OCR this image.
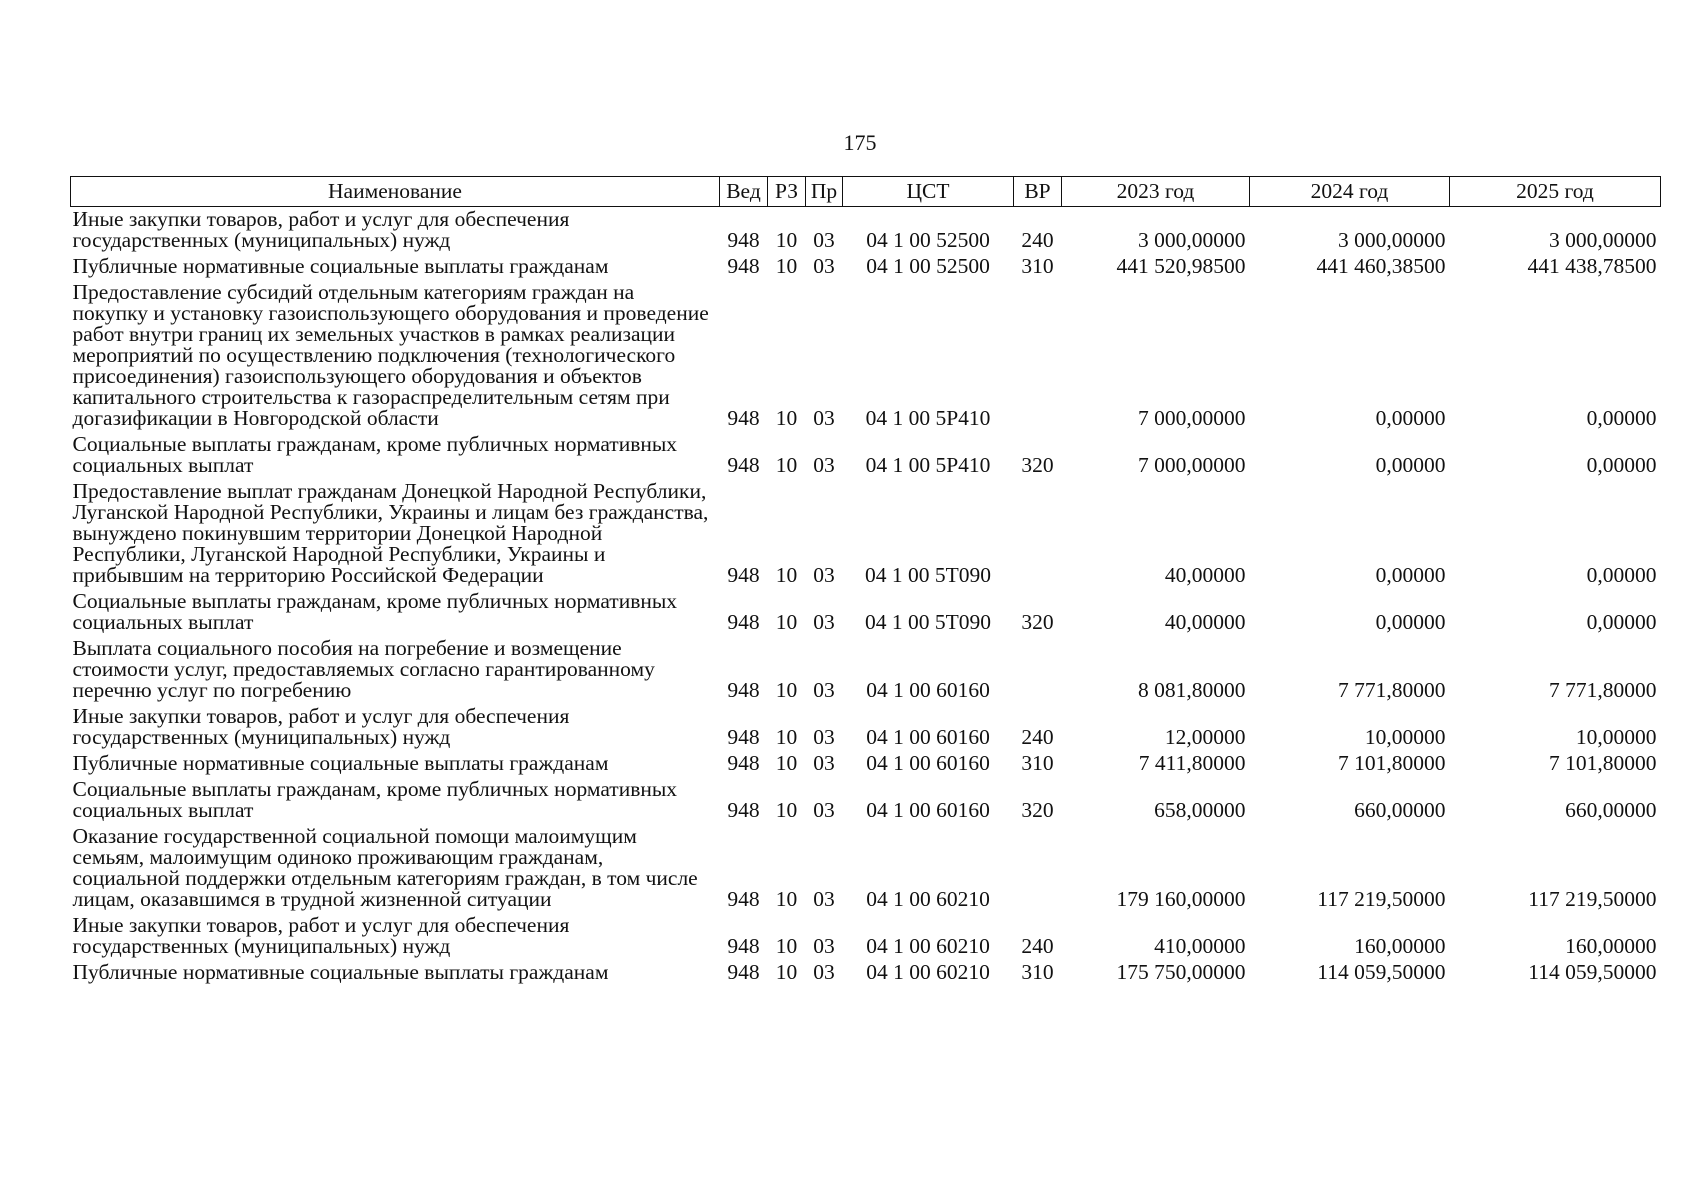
175
Наименование	Вед	РЗ	Пр	ЦСТ	ВР	2023 год	2024 год	2025 год
Иные закупки товаров, работ и услуг для обеспечения государственных (муниципальных) нужд	948	10	03	04 1 00 52500	240	3 000,00000	3 000,00000	3 000,00000
Публичные нормативные социальные выплаты гражданам	948	10	03	04 1 00 52500	310	441 520,98500	441 460,38500	441 438,78500
Предоставление субсидий отдельным категориям граждан на покупку и установку газоиспользующего оборудования и проведение работ внутри границ их земельных участков в рамках реализации мероприятий по осуществлению подключения (технологического присоединения) газоиспользующего оборудования и объектов капитального строительства к газораспределительным сетям при догазификации в Новгородской области	948	10	03	04 1 00 5Р410		7 000,00000	0,00000	0,00000
Социальные выплаты гражданам, кроме публичных нормативных социальных выплат	948	10	03	04 1 00 5Р410	320	7 000,00000	0,00000	0,00000
Предоставление выплат гражданам Донецкой Народной Республики, Луганской Народной Республики, Украины и лицам без гражданства, вынуждено покинувшим территории Донецкой Народной Республики, Луганской Народной Республики, Украины и прибывшим на территорию Российской Федерации	948	10	03	04 1 00 5Т090		40,00000	0,00000	0,00000
Социальные выплаты гражданам, кроме публичных нормативных социальных выплат	948	10	03	04 1 00 5Т090	320	40,00000	0,00000	0,00000
Выплата социального пособия на погребение и возмещение стоимости услуг, предоставляемых согласно гарантированному перечню услуг по погребению	948	10	03	04 1 00 60160		8 081,80000	7 771,80000	7 771,80000
Иные закупки товаров, работ и услуг для обеспечения государственных (муниципальных) нужд	948	10	03	04 1 00 60160	240	12,00000	10,00000	10,00000
Публичные нормативные социальные выплаты гражданам	948	10	03	04 1 00 60160	310	7 411,80000	7 101,80000	7 101,80000
Социальные выплаты гражданам, кроме публичных нормативных социальных выплат	948	10	03	04 1 00 60160	320	658,00000	660,00000	660,00000
Оказание государственной социальной помощи малоимущим семьям, малоимущим одиноко проживающим гражданам, социальной поддержки отдельным категориям граждан, в том числе лицам, оказавшимся в трудной жизненной ситуации	948	10	03	04 1 00 60210		179 160,00000	117 219,50000	117 219,50000
Иные закупки товаров, работ и услуг для обеспечения государственных (муниципальных) нужд	948	10	03	04 1 00 60210	240	410,00000	160,00000	160,00000
Публичные нормативные социальные выплаты гражданам	948	10	03	04 1 00 60210	310	175 750,00000	114 059,50000	114 059,50000
